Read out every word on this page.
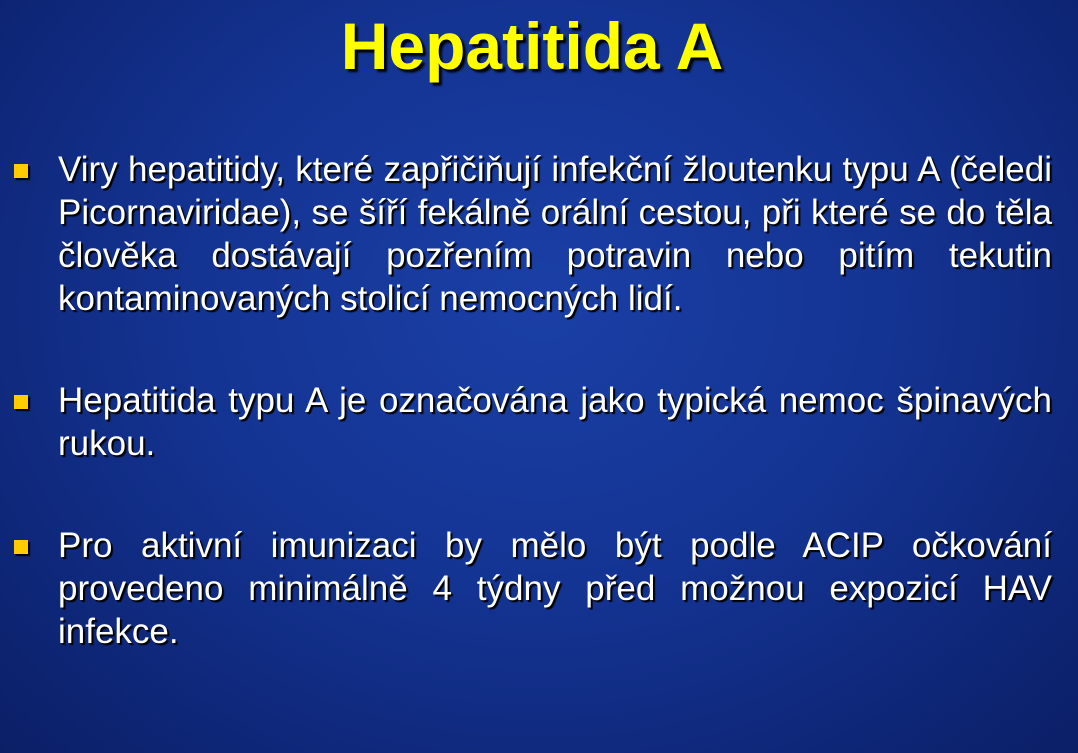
Hepatitida A
Viry hepatitidy, které zapřičiňují infekční žloutenku typu A (čeledi Picornaviridae), se šíří fekálně orální cestou, při které se do těla člověka dostávají pozřením potravin nebo pitím tekutin kontaminovaných stolicí nemocných lidí.
Hepatitida typu A je označována jako typická nemoc špinavých rukou.
Pro aktivní imunizaci by mělo být podle ACIP očkování provedeno minimálně 4 týdny před možnou expozicí HAV infekce.
